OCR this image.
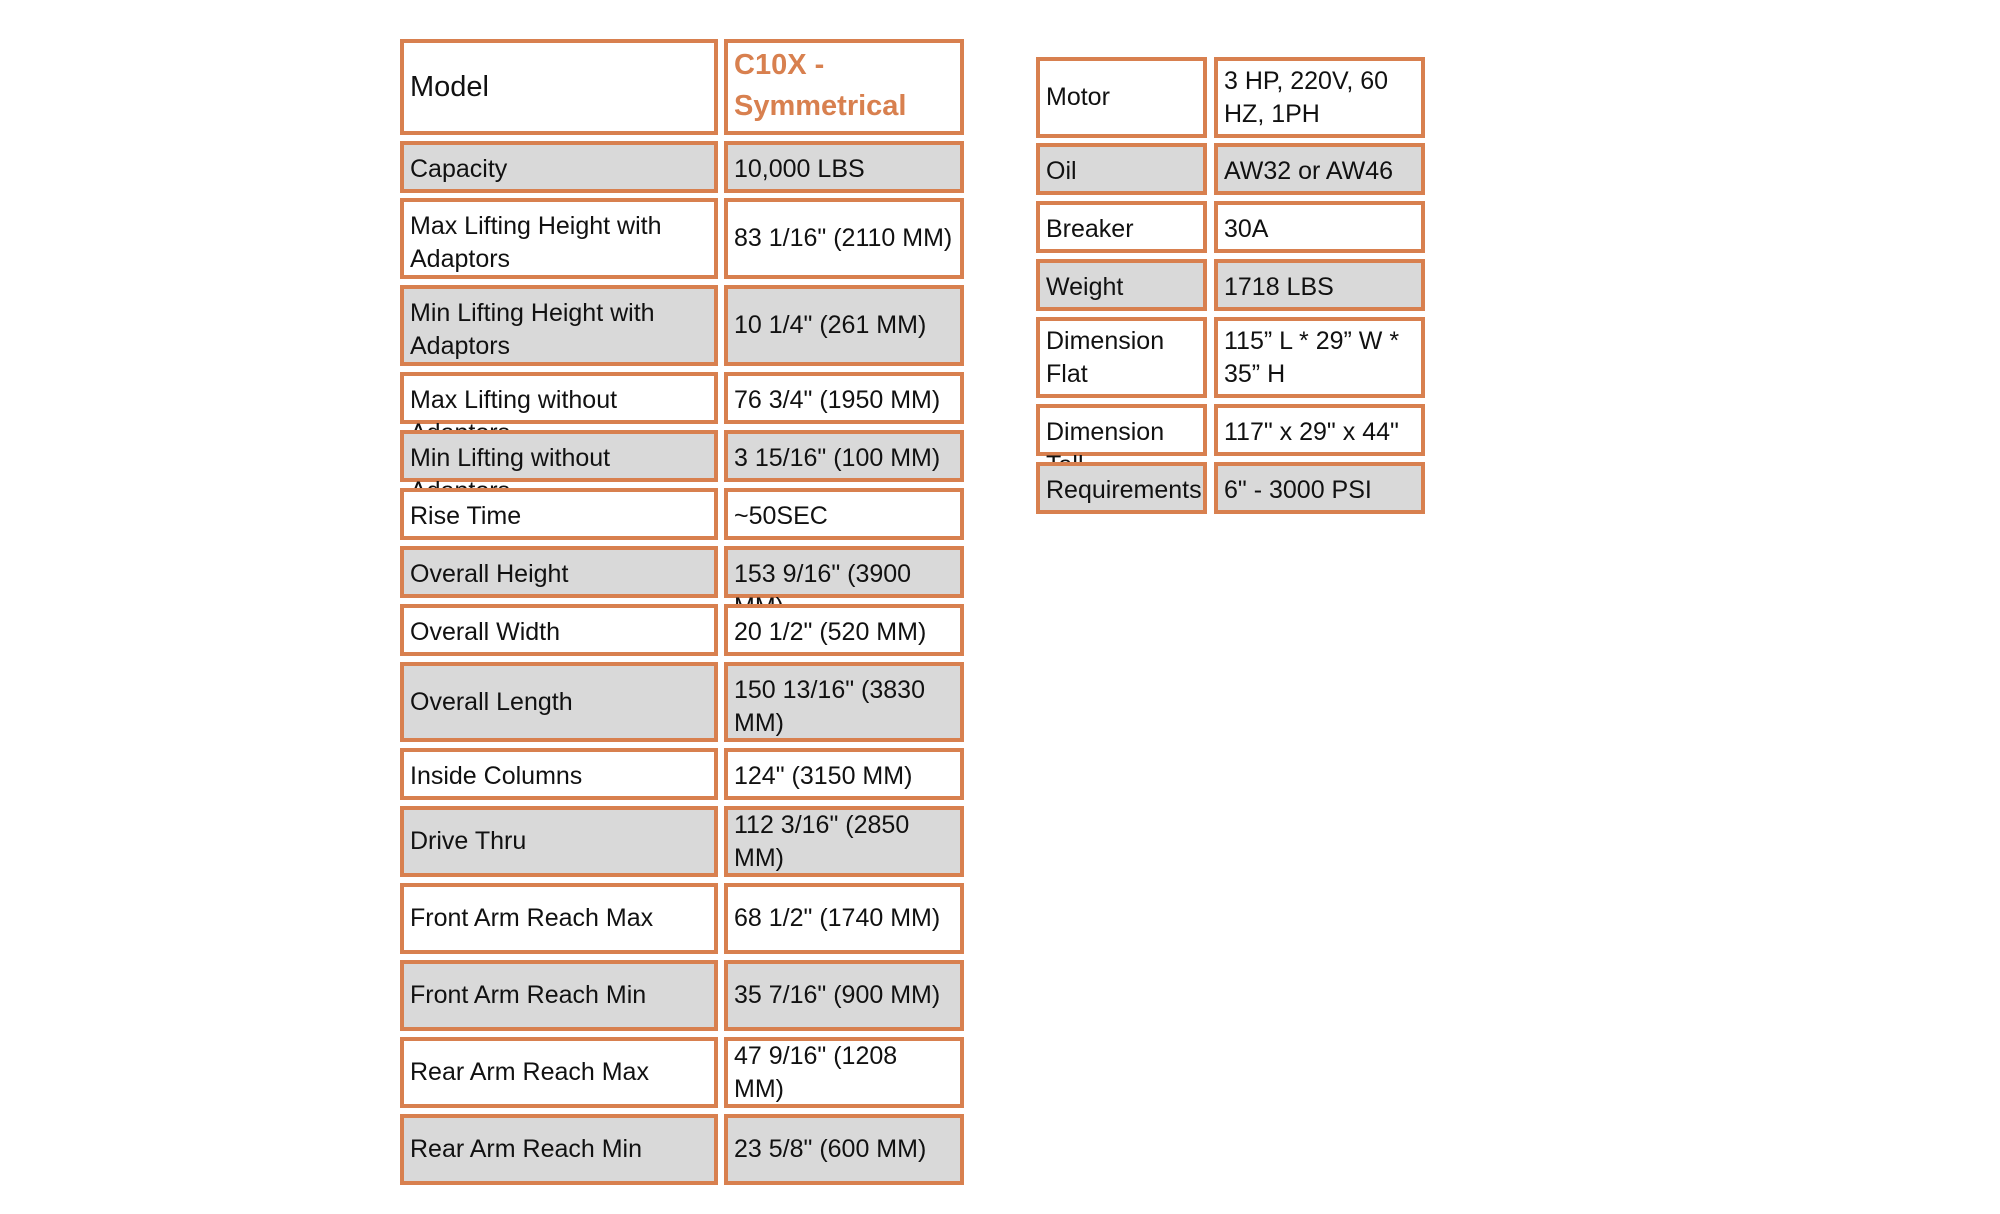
Model
C10X - Symmetrical
Capacity	10,000 LBS
Max Lifting Height with Adaptors
83 1/16" (2110 MM)
Min Lifting Height with Adaptors
10 1/4" (261 MM)
Max Lifting without	76 3/4" (1950 MM)
Min Lifting without	3 15/16" (100 MM)
Rise Time	~50SEC
Overall Height	153 9/16" (3900
Overall Width	20 1/2" (520 MM)
Overall Length	150 13/16" (3830 MM)
Inside Columns	124" (3150 MM)
Drive Thru
112 3/16" (2850 MM)
Front Arm Reach Max	68 1/2" (1740 MM)
Front Arm Reach Min	35 7/16" (900 MM)
Rear Arm Reach Max
47 9/16" (1208 MM)
Rear Arm Reach Min	23 5/8" (600 MM)
Motor
3 HP, 220V, 60 HZ, 1PH
Oil	AW32 or AW46
Breaker	30A
Weight	1718 LBS
Dimension Flat
115” L * 29” W * 35” H
Dimension	117" x 29" x 44"
Requirements 6" - 3000 PSI
